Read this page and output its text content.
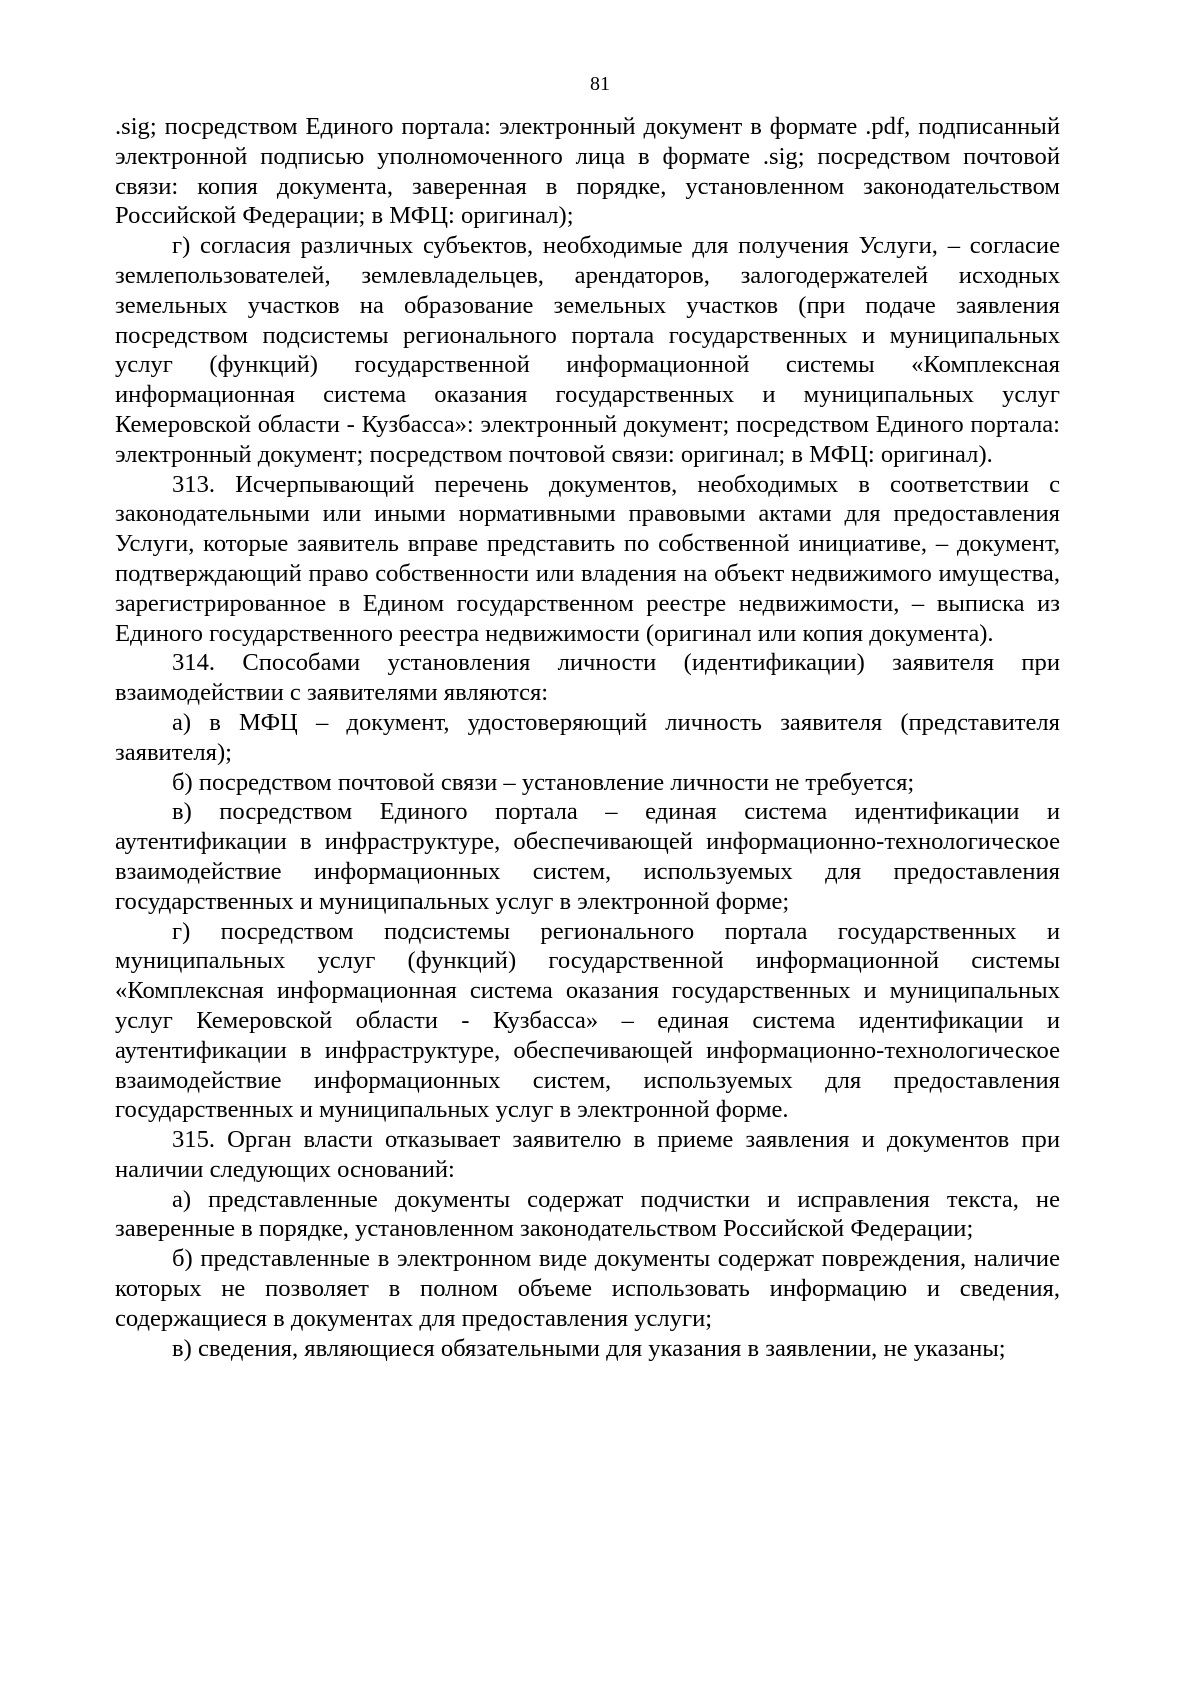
81

.sig; посредством Единого портала: электронный документ в формате .pdf, подписанный электронной подписью уполномоченного лица в формате .sig; посредством почтовой связи: копия документа, заверенная в порядке, установленном законодательством Российской Федерации; в МФЦ: оригинал);

г) согласия различных субъектов, необходимые для получения Услуги, – согласие землепользователей, землевладельцев, арендаторов, залогодержателей исходных земельных участков на образование земельных участков (при подаче заявления посредством подсистемы регионального портала государственных и муниципальных услуг (функций) государственной информационной системы «Комплексная информационная система оказания государственных и муниципальных услуг Кемеровской области - Кузбасса»: электронный документ; посредством Единого портала: электронный документ; посредством почтовой связи: оригинал; в МФЦ: оригинал).

313. Исчерпывающий перечень документов, необходимых в соответствии с законодательными или иными нормативными правовыми актами для предоставления Услуги, которые заявитель вправе представить по собственной инициативе, – документ, подтверждающий право собственности или владения на объект недвижимого имущества, зарегистрированное в Едином государственном реестре недвижимости, – выписка из Единого государственного реестра недвижимости (оригинал или копия документа).

314. Способами установления личности (идентификации) заявителя при взаимодействии с заявителями являются:

а) в МФЦ – документ, удостоверяющий личность заявителя (представителя заявителя);

б) посредством почтовой связи – установление личности не требуется;

в) посредством Единого портала – единая система идентификации и аутентификации в инфраструктуре, обеспечивающей информационно-технологическое взаимодействие информационных систем, используемых для предоставления государственных и муниципальных услуг в электронной форме;

г) посредством подсистемы регионального портала государственных и муниципальных услуг (функций) государственной информационной системы «Комплексная информационная система оказания государственных и муниципальных услуг Кемеровской области - Кузбасса» – единая система идентификации и аутентификации в инфраструктуре, обеспечивающей информационно-технологическое взаимодействие информационных систем, используемых для предоставления государственных и муниципальных услуг в электронной форме.

315. Орган власти отказывает заявителю в приеме заявления и документов при наличии следующих оснований:

а) представленные документы содержат подчистки и исправления текста, не заверенные в порядке, установленном законодательством Российской Федерации;

б) представленные в электронном виде документы содержат повреждения, наличие которых не позволяет в полном объеме использовать информацию и сведения, содержащиеся в документах для предоставления услуги;

в) сведения, являющиеся обязательными для указания в заявлении, не указаны;
